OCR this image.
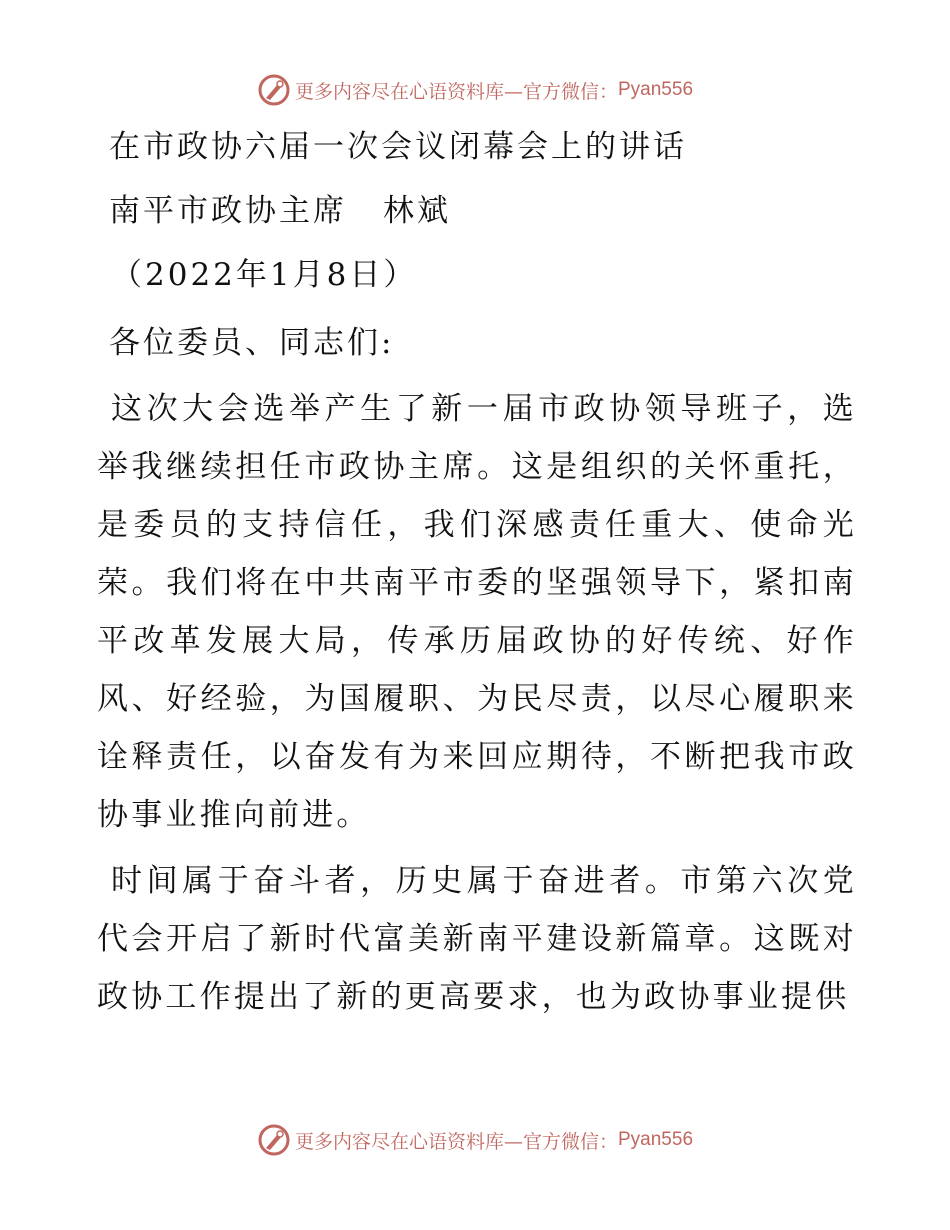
更多内容尽在心语资料库—官方微信： Pyan556
在市政协六届一次会议闭幕会上的讲话
南平市政协主席 林斌
（2022年1月8日）
各位委员、同志们:
这次大会选举产生了新一届市政协领导班子，选举我继续担任市政协主席。这是组织的关怀重托，是委员的支持信任，我们深感责任重大、使命光荣。我们将在中共南平市委的坚强领导下，紧扣南平改革发展大局，传承历届政协的好传统、好作风、好经验，为国履职、为民尽责，以尽心履职来诠释责任，以奋发有为来回应期待，不断把我市政协事业推向前进。
时间属于奋斗者，历史属于奋进者。市第六次党代会开启了新时代富美新南平建设新篇章。这既对政协工作提出了新的更高要求，也为政协事业提供
更多内容尽在心语资料库—官方微信： Pyan556
